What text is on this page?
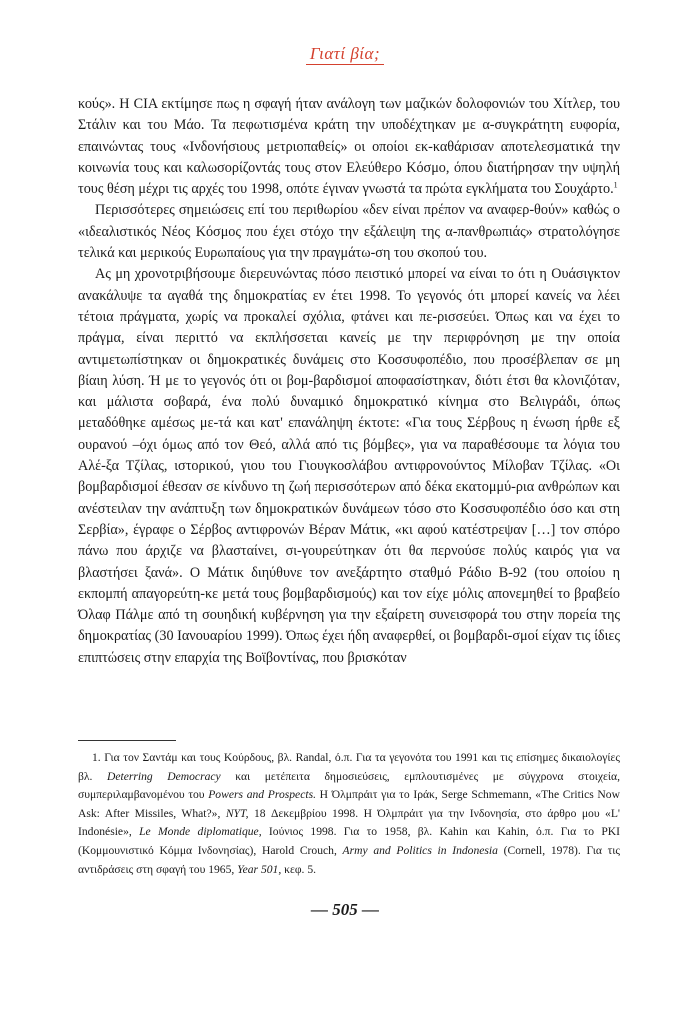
Γιατί βία;

κούς». Η CIA εκτίμησε πως η σφαγή ήταν ανάλογη των μαζικών δολοφονιών του Χίτλερ, του Στάλιν και του Μάο. Τα πεφωτισμένα κράτη την υποδέχτηκαν με α-συγκράτητη ευφορία, επαινώντας τους «Ινδονήσιους μετριοπαθείς» οι οποίοι εκ-καθάρισαν αποτελεσματικά την κοινωνία τους και καλωσορίζοντάς τους στον Ελεύθερο Κόσμο, όπου διατήρησαν την υψηλή τους θέση μέχρι τις αρχές του 1998, οπότε έγιναν γνωστά τα πρώτα εγκλήματα του Σουχάρτο.$^1$

Περισσότερες σημειώσεις επί του περιθωρίου «δεν είναι πρέπον να αναφερ-θούν» καθώς ο «ιδεαλιστικός Νέος Κόσμος που έχει στόχο την εξάλειψη της α-πανθρωπιάς» στρατολόγησε τελικά και μερικούς Ευρωπαίους για την πραγμάτω-ση του σκοπού του.

Ας μη χρονοτριβήσουμε διερευνώντας πόσο πειστικό μπορεί να είναι το ότι η Ουάσιγκτον ανακάλυψε τα αγαθά της δημοκρατίας εν έτει 1998. Το γεγονός ότι μπορεί κανείς να λέει τέτοια πράγματα, χωρίς να προκαλεί σχόλια, φτάνει και πε-ρισσεύει. Όπως και να έχει το πράγμα, είναι περιττό να εκπλήσσεται κανείς με την περιφρόνηση με την οποία αντιμετωπίστηκαν οι δημοκρατικές δυνάμεις στο Κοσσυφοπέδιο, που προσέβλεπαν σε μη βίαιη λύση. Ή με το γεγονός ότι οι βομ-βαρδισμοί αποφασίστηκαν, διότι έτσι θα κλονιζόταν, και μάλιστα σοβαρά, ένα πολύ δυναμικό δημοκρατικό κίνημα στο Βελιγράδι, όπως μεταδόθηκε αμέσως με-τά και κατ' επανάληψη έκτοτε: «Για τους Σέρβους η ένωση ήρθε εξ ουρανού –όχι όμως από τον Θεό, αλλά από τις βόμβες», για να παραθέσουμε τα λόγια του Αλέ-ξα Τζίλας, ιστορικού, γιου του Γιουγκοσλάβου αντιφρονούντος Μίλοβαν Τζίλας. «Οι βομβαρδισμοί έθεσαν σε κίνδυνο τη ζωή περισσότερων από δέκα εκατομμύ-ρια ανθρώπων και ανέστειλαν την ανάπτυξη των δημοκρατικών δυνάμεων τόσο στο Κοσσυφοπέδιο όσο και στη Σερβία», έγραφε ο Σέρβος αντιφρονών Βέραν Μάτικ, «κι αφού κατέστρεψαν […] τον σπόρο πάνω που άρχιζε να βλασταίνει, σι-γουρεύτηκαν ότι θα περνούσε πολύς καιρός για να βλαστήσει ξανά». Ο Μάτικ διηύθυνε τον ανεξάρτητο σταθμό Ράδιο Β-92 (του οποίου η εκπομπή απαγορεύτη-κε μετά τους βομβαρδισμούς) και τον είχε μόλις απονεμηθεί το βραβείο Όλαφ Πάλμε από τη σουηδική κυβέρνηση για την εξαίρετη συνεισφορά του στην πορεία της δημοκρατίας (30 Ιανουαρίου 1999). Όπως έχει ήδη αναφερθεί, οι βομβαρδι-σμοί είχαν τις ίδιες επιπτώσεις στην επαρχία της Βοϊβοντίνας, που βρισκόταν

1. Για τον Σαντάμ και τους Κούρδους, βλ. Randal, ό.π. Για τα γεγονότα του 1991 και τις επίσημες δικαιολογίες βλ. Deterring Democracy και μετέπειτα δημοσιεύσεις, εμπλουτισμένες με σύγχρονα στοιχεία, συμπεριλαμβανομένου του Powers and Prospects. Η Όλμπράιτ για το Ιράκ, Serge Schmemann, «The Critics Now Ask: After Missiles, What?», NYT, 18 Δεκεμβρίου 1998. Η Όλμπράιτ για την Ινδονησία, στο άρθρο μου «L' Indonésie», Le Monde diplomatique, Ιούνιος 1998. Για το 1958, βλ. Kahin και Kahin, ό.π. Για το PKI (Κομμουνιστικό Κόμμα Ινδονησίας), Harold Crouch, Army and Politics in Indonesia (Cornell, 1978). Για τις αντιδράσεις στη σφαγή του 1965, Year 501, κεφ. 5.

— 505 —
